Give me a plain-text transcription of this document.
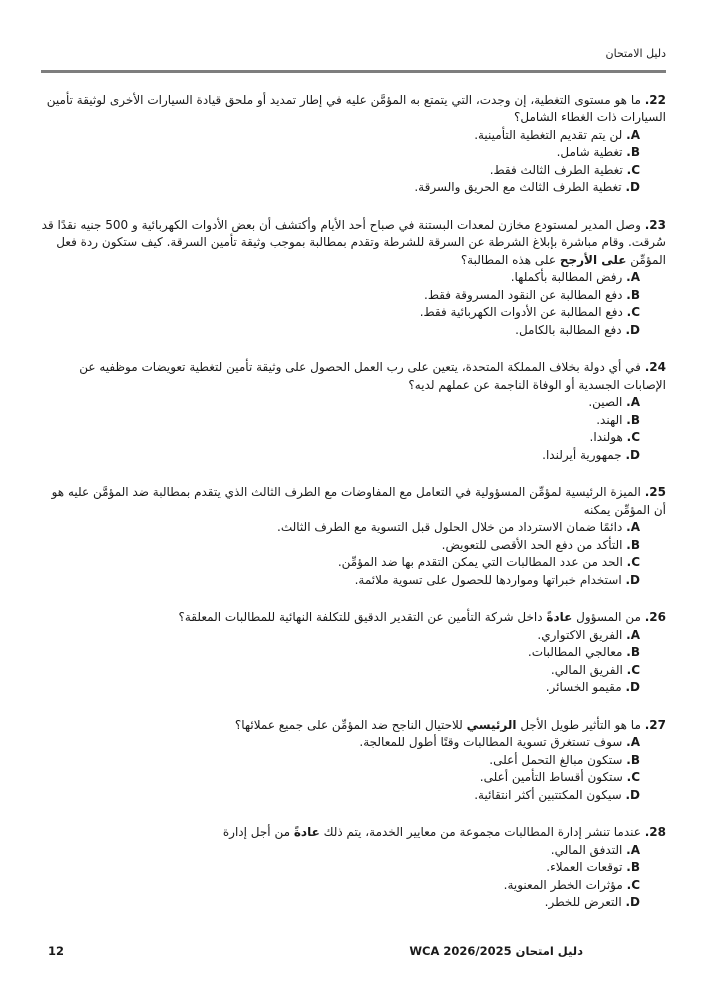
دليل الامتحان

22. ما هو مستوى التغطية، إن وجدت، التي يتمتع به المؤمَّن عليه في إطار تمديد أو ملحق قيادة السيارات الأخرى لوثيقة تأمين السيارات ذات الغطاء الشامل؟

A. لن يتم تقديم التغطية التأمينية.

B. تغطية شامل.

C. تغطية الطرف الثالث فقط.

D. تغطية الطرف الثالث مع الحريق والسرقة.

23. وصل المدير لمستودع مخازن لمعدات البستنة في صباح أحد الأيام وأكتشف أن بعض الأدوات الكهربائية و 500 جنيه نقدًا قد سُرقت. وقام مباشرة بإبلاغ الشرطة عن السرقة للشرطة وتقدم بمطالبة بموجب وثيقة تأمين السرقة. كيف ستكون ردة فعل المؤمِّن على الأرجح على هذه المطالبة؟

A. رفض المطالبة بأكملها.

B. دفع المطالبة عن النقود المسروقة فقط.

C. دفع المطالبة عن الأدوات الكهربائية فقط.

D. دفع المطالبة بالكامل.

24. في أي دولة بخلاف المملكة المتحدة، يتعين على رب العمل الحصول على وثيقة تأمين لتغطية تعويضات موظفيه عن الإصابات الجسدية أو الوفاة الناجمة عن عملهم لديه؟

A. الصين.

B. الهند.

C. هولندا.

D. جمهورية أيرلندا.

25. الميزة الرئيسية لمؤمِّن المسؤولية في التعامل مع المفاوضات مع الطرف الثالث الذي يتقدم بمطالبة ضد المؤمَّن عليه هو أن المؤمِّن يمكنه

A. دائمًا ضمان الاسترداد من خلال الحلول قبل التسوية مع الطرف الثالث.

B. التأكد من دفع الحد الأقصى للتعويض.

C. الحد من عدد المطالبات التي يمكن التقدم بها ضد المؤمِّن.

D. استخدام خبراتها ومواردها للحصول على تسوية ملائمة.

26. من المسؤول عادةً داخل شركة التأمين عن التقدير الدقيق للتكلفة النهائية للمطالبات المعلقة؟

A. الفريق الاكتواري.

B. معالجي المطالبات.

C. الفريق المالي.

D. مقيمو الخسائر.

27. ما هو التأثير طويل الأجل الرئيسي للاحتيال الناجح ضد المؤمِّن على جميع عملائها؟

A. سوف تستغرق تسوية المطالبات وقتًا أطول للمعالجة.

B. ستكون مبالغ التحمل أعلى.

C. ستكون أقساط التأمين أعلى.

D. سيكون المكتتبين أكثر انتقائية.

28. عندما تنشر إدارة المطالبات مجموعة من معايير الخدمة، يتم ذلك عادةً من أجل إدارة

A. التدفق المالي.

B. توقعات العملاء.

C. مؤثرات الخطر المعنوية.

D. التعرض للخطر.

دليل امتحان WCA 2026/2025
12
